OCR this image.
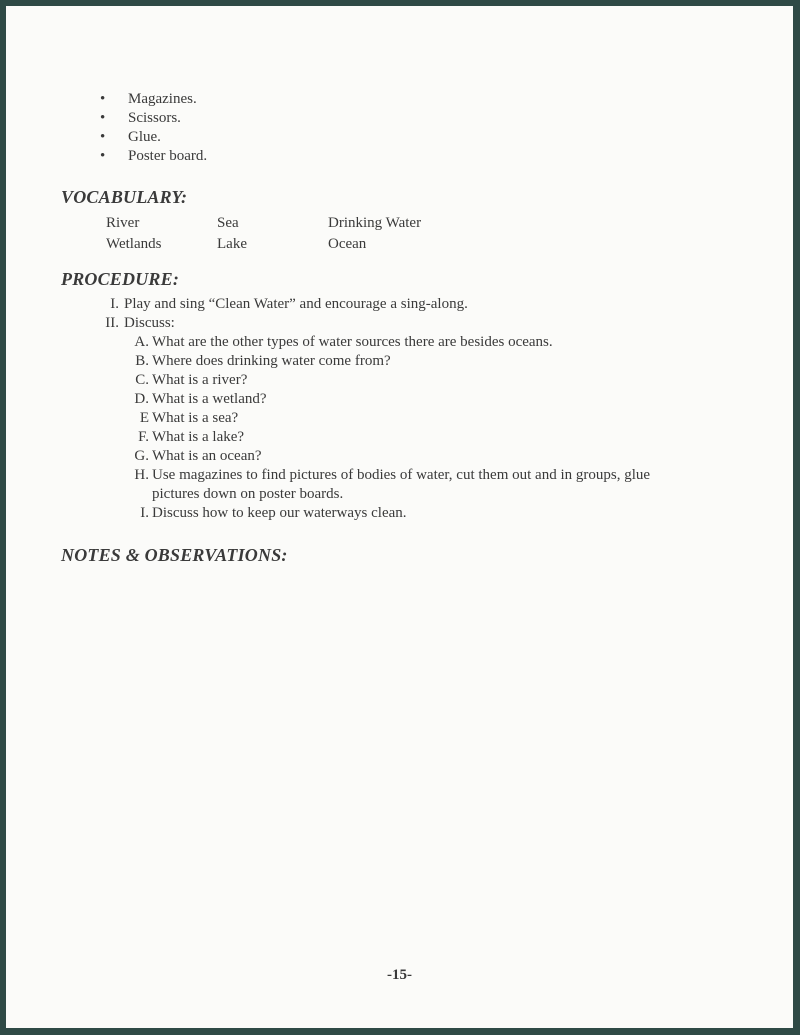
• Magazines.
• Scissors.
• Glue.
• Poster board.
VOCABULARY:
River	Sea	Drinking Water
Wetlands	Lake	Ocean
PROCEDURE:
I. Play and sing “Clean Water” and encourage a sing-along.
II. Discuss:
A. What are the other types of water sources there are besides oceans.
B. Where does drinking water come from?
C. What is a river?
D. What is a wetland?
E What is a sea?
F. What is a lake?
G. What is an ocean?
H. Use magazines to find pictures of bodies of water, cut them out and in groups, glue
pictures down on poster boards.
I. Discuss how to keep our waterways clean.
NOTES & OBSERVATIONS:
-15-
